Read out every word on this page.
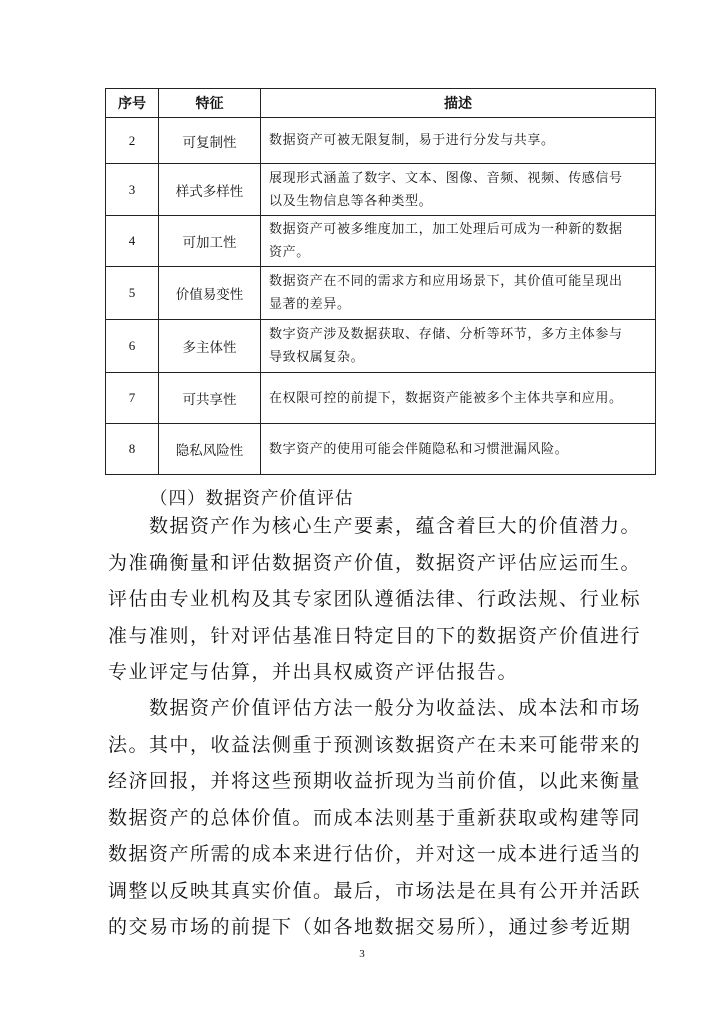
序号	特征	描述
2	可复制性	数据资产可被无限复制，易于进行分发与共享。
3	样式多样性	展现形式涵盖了数字、文本、图像、音频、视频、传感信号
以及生物信息等各种类型。
4	可加工性	数据资产可被多维度加工，加工处理后可成为一种新的数据
资产。
5	价值易变性	数据资产在不同的需求方和应用场景下，其价值可能呈现出
显著的差异。
6	多主体性	数字资产涉及数据获取、存储、分析等环节，多方主体参与
导致权属复杂。
7	可共享性	在权限可控的前提下，数据资产能被多个主体共享和应用。
8	隐私风险性	数字资产的使用可能会伴随隐私和习惯泄漏风险。
（四）数据资产价值评估
　　数据资产作为核心生产要素，蕴含着巨大的价值潜力。
为准确衡量和评估数据资产价值，数据资产评估应运而生。
评估由专业机构及其专家团队遵循法律、行政法规、行业标
准与准则，针对评估基准日特定目的下的数据资产价值进行
专业评定与估算，并出具权威资产评估报告。
　　数据资产价值评估方法一般分为收益法、成本法和市场
法。其中，收益法侧重于预测该数据资产在未来可能带来的
经济回报，并将这些预期收益折现为当前价值，以此来衡量
数据资产的总体价值。而成本法则基于重新获取或构建等同
数据资产所需的成本来进行估价，并对这一成本进行适当的
调整以反映其真实价值。最后，市场法是在具有公开并活跃
的交易市场的前提下（如各地数据交易所），通过参考近期
3
